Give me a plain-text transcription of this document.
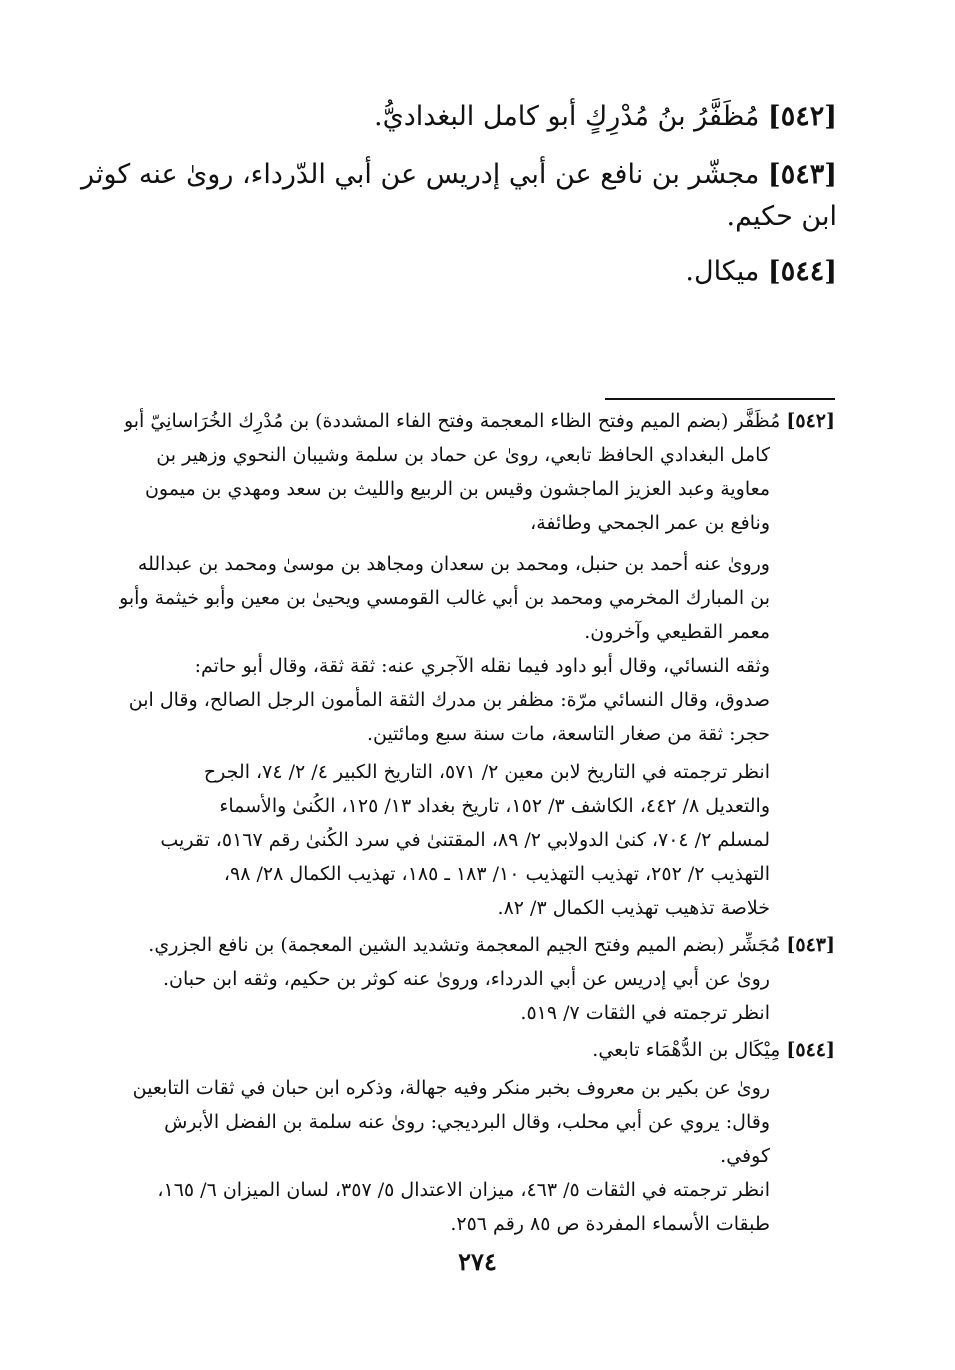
[٥٤٢] مُظَفَّرُ بنُ مُدْرِكٍ أبو كامل البغداديُّ.
[٥٤٣] مجشّر بن نافع عن أبي إدريس عن أبي الدّرداء، روىٰ عنه كوثر
ابن حكيم.
[٥٤٤] ميكال.
[٥٤٢] مُظَفَّر (بضم الميم وفتح الظاء المعجمة وفتح الفاء المشددة) بن مُدْرِك الخُرَاسانِيّ أبو
كامل البغدادي الحافظ تابعي، روىٰ عن حماد بن سلمة وشيبان النحوي وزهير بن
معاوية وعبد العزيز الماجشون وقيس بن الربيع والليث بن سعد ومهدي بن ميمون
ونافع بن عمر الجمحي وطائفة،
ورویٰ عنه أحمد بن حنبل، ومحمد بن سعدان ومجاهد بن موسیٰ ومحمد بن عبدالله
بن المبارك المخرمي ومحمد بن أبي غالب القومسي ويحيىٰ بن معين وأبو خيثمة وأبو
معمر القطيعي وآخرون.
وثقه النسائي، وقال أبو داود فيما نقله الآجري عنه: ثقة ثقة، وقال أبو حاتم:
صدوق، وقال النسائي مرّة: مظفر بن مدرك الثقة المأمون الرجل الصالح، وقال ابن
حجر: ثقة من صغار التاسعة، مات سنة سبع ومائتين.
انظر ترجمته في التاريخ لابن معين ٢/ ٥٧١، التاريخ الكبير ٤/ ٢/ ٧٤، الجرح
والتعديل ٨/ ٤٤٢، الكاشف ٣/ ١٥٢، تاريخ بغداد ١٣/ ١٢٥، الكُنىٰ والأسماء
لمسلم ٢/ ٧٠٤، كنىٰ الدولابي ٢/ ٨٩، المقتنىٰ في سرد الكُنىٰ رقم ٥١٦٧، تقريب
التهذيب ٢/ ٢٥٢، تهذيب التهذيب ١٠/ ١٨٣ ـ ١٨٥، تهذيب الكمال ٢٨/ ٩٨،
خلاصة تذهيب تهذيب الكمال ٣/ ٨٢.
[٥٤٣] مُجَشِّر (بضم الميم وفتح الجيم المعجمة وتشديد الشين المعجمة) بن نافع الجزري.
روىٰ عن أبي إدريس عن أبي الدرداء، وروىٰ عنه كوثر بن حكيم، وثقه ابن حبان.
انظر ترجمته في الثقات ٧/ ٥١٩.
[٥٤٤] مِيْكَال بن الدُّهْمَاء تابعي.
روىٰ عن بكير بن معروف بخبر منكر وفيه جهالة، وذكره ابن حبان في ثقات التابعين
وقال: يروي عن أبي محلب، وقال البرديجي: روىٰ عنه سلمة بن الفضل الأبرش
كوفي.
انظر ترجمته في الثقات ٥/ ٤٦٣، ميزان الاعتدال ٥/ ٣٥٧، لسان الميزان ٦/ ١٦٥،
طبقات الأسماء المفردة ص ٨٥ رقم ٢٥٦.
٢٧٤
